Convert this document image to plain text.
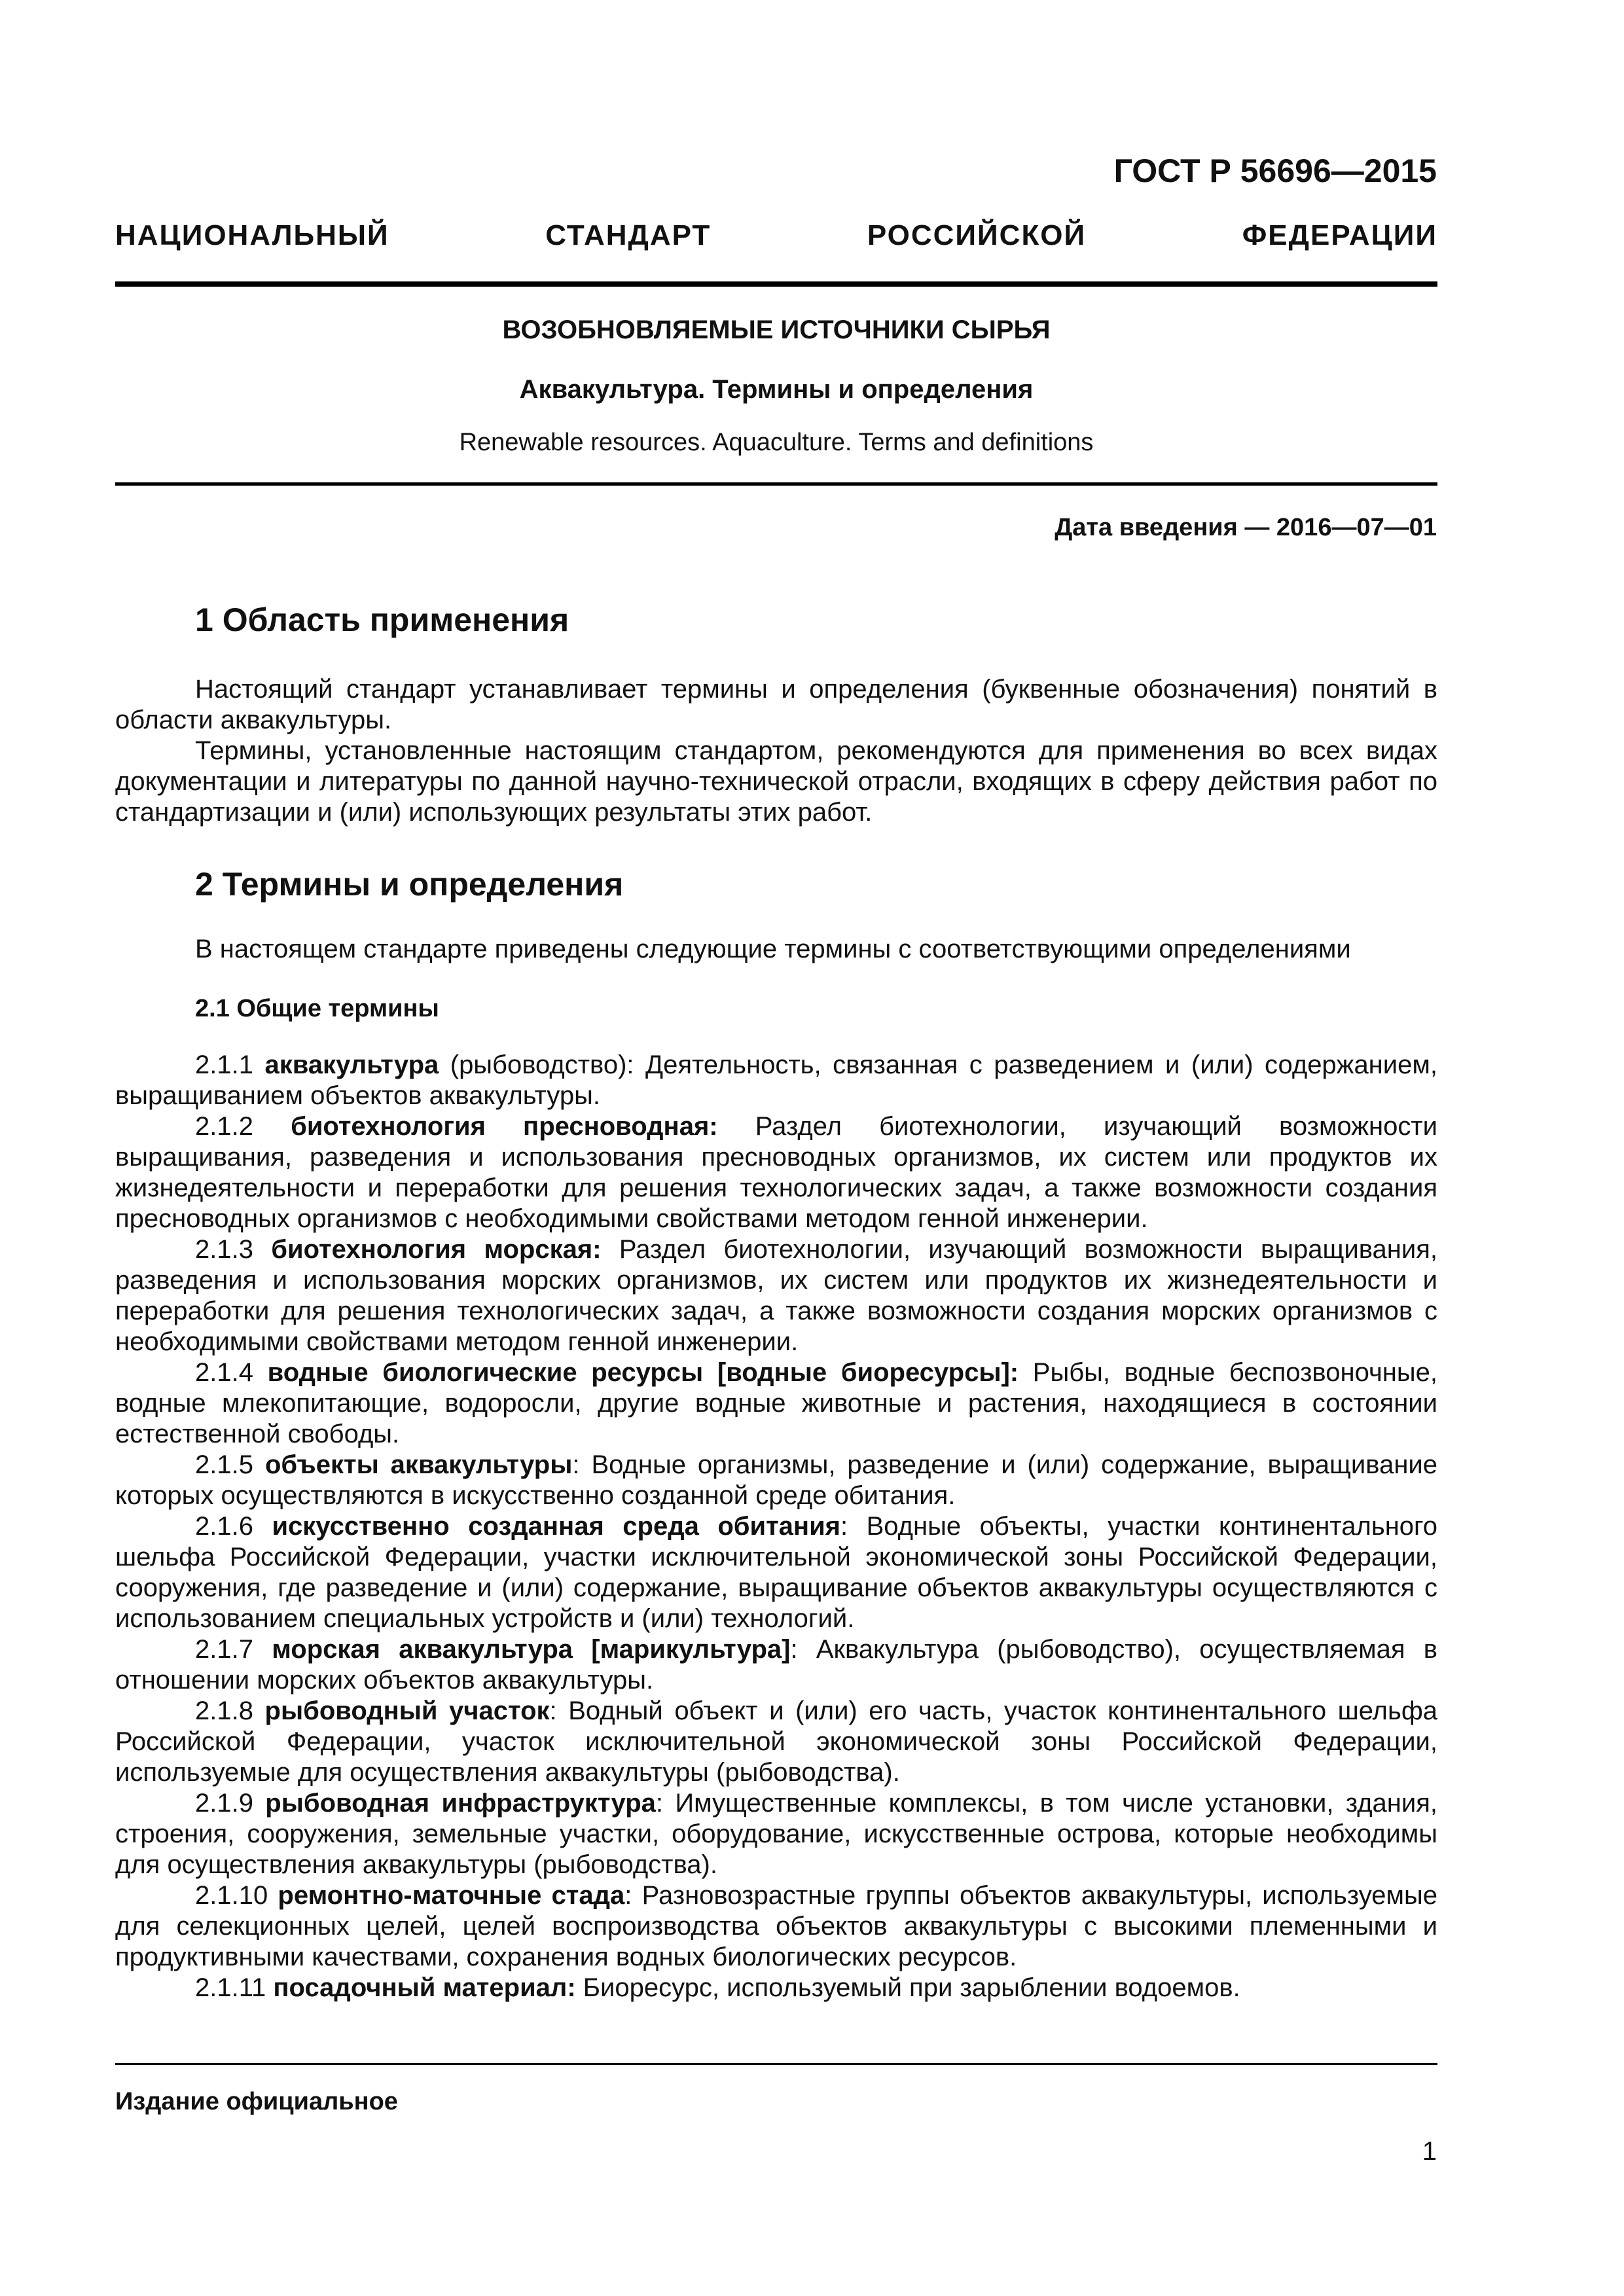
ГОСТ Р 56696—2015
НАЦИОНАЛЬНЫЙ СТАНДАРТ РОССИЙСКОЙ ФЕДЕРАЦИИ
ВОЗОБНОВЛЯЕМЫЕ ИСТОЧНИКИ СЫРЬЯ
Аквакультура. Термины и определения
Renewable resources. Aquaculture. Terms and definitions
Дата введения — 2016—07—01
1 Область применения

Настоящий стандарт устанавливает термины и определения (буквенные обозначения) понятий в области аквакультуры.

Термины, установленные настоящим стандартом, рекомендуются для применения во всех видах документации и литературы по данной научно-технической отрасли, входящих в сферу действия работ по стандартизации и (или) использующих результаты этих работ.

2 Термины и определения
В настоящем стандарте приведены следующие термины с соответствующими определениями
2.1 Общие термины

2.1.1 аквакультура (рыбоводство): Деятельность, связанная с разведением и (или) содержанием, выращиванием объектов аквакультуры.

2.1.2 биотехнология пресноводная: Раздел биотехнологии, изучающий возможности выращивания, разведения и использования пресноводных организмов, их систем или продуктов их жизнедеятельности и переработки для решения технологических задач, а также возможности создания пресноводных организмов с необходимыми свойствами методом генной инженерии.

2.1.3 биотехнология морская: Раздел биотехнологии, изучающий возможности выращивания, разведения и использования морских организмов, их систем или продуктов их жизнедеятельности и переработки для решения технологических задач, а также возможности создания морских организмов с необходимыми свойствами методом генной инженерии.

2.1.4 водные биологические ресурсы [водные биоресурсы]: Рыбы, водные беспозвоночные, водные млекопитающие, водоросли, другие водные животные и растения, находящиеся в состоянии естественной свободы.

2.1.5 объекты аквакультуры: Водные организмы, разведение и (или) содержание, выращивание которых осуществляются в искусственно созданной среде обитания.

2.1.6 искусственно созданная среда обитания: Водные объекты, участки континентального шельфа Российской Федерации, участки исключительной экономической зоны Российской Федерации, сооружения, где разведение и (или) содержание, выращивание объектов аквакультуры осуществляются с использованием специальных устройств и (или) технологий.

2.1.7 морская аквакультура [марикультура]: Аквакультура (рыбоводство), осуществляемая в отношении морских объектов аквакультуры.

2.1.8 рыбоводный участок: Водный объект и (или) его часть, участок континентального шельфа Российской Федерации, участок исключительной экономической зоны Российской Федерации, используемые для осуществления аквакультуры (рыбоводства).

2.1.9 рыбоводная инфраструктура: Имущественные комплексы, в том числе установки, здания, строения, сооружения, земельные участки, оборудование, искусственные острова, которые необходимы для осуществления аквакультуры (рыбоводства).

2.1.10 ремонтно-маточные стада: Разновозрастные группы объектов аквакультуры, используемые для селекционных целей, целей воспроизводства объектов аквакультуры с высокими племенными и продуктивными качествами, сохранения водных биологических ресурсов.

2.1.11 посадочный материал: Биоресурс, используемый при зарыблении водоемов.

Издание официальное
1
